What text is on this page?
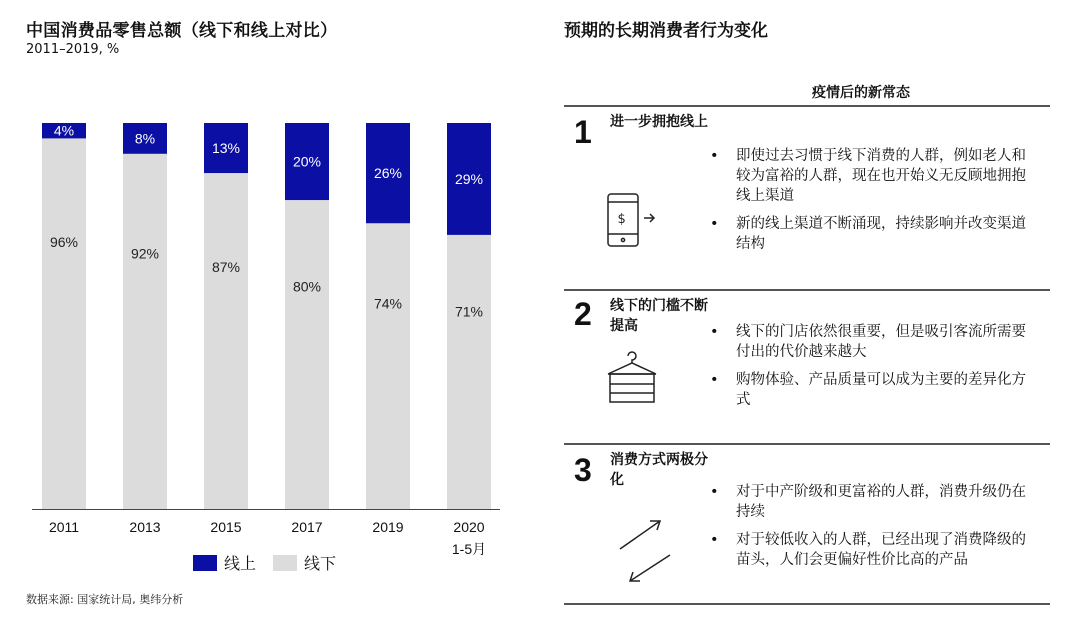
中国消费品零售总额（线下和线上对比）
2011–2019, %
4%
96%
2011
8%
92%
2013
13%
87%
2015
20%
80%
2017
26%
74%
2019
29%
71%
2020
1-5月
线上	线下
数据来源: 国家统计局, 奥纬分析
预期的长期消费者行为变化
疫情后的新常态
1 进一步拥抱线上
$
• 即使过去习惯于线下消费的人群，例如老人和较为富裕的人群，现在也开始义无反顾地拥抱线上渠道
• 新的线上渠道不断涌现，持续影响并改变渠道结构
2 线下的门槛不断提高	• 线下的门店依然很重要，但是吸引客流所需要付出的代价越来越大
• 购物体验、产品质量可以成为主要的差异化方式
3 消费方式两极分化
• 对于中产阶级和更富裕的人群，消费升级仍在持续
• 对于较低收入的人群，已经出现了消费降级的苗头，人们会更偏好性价比高的产品
